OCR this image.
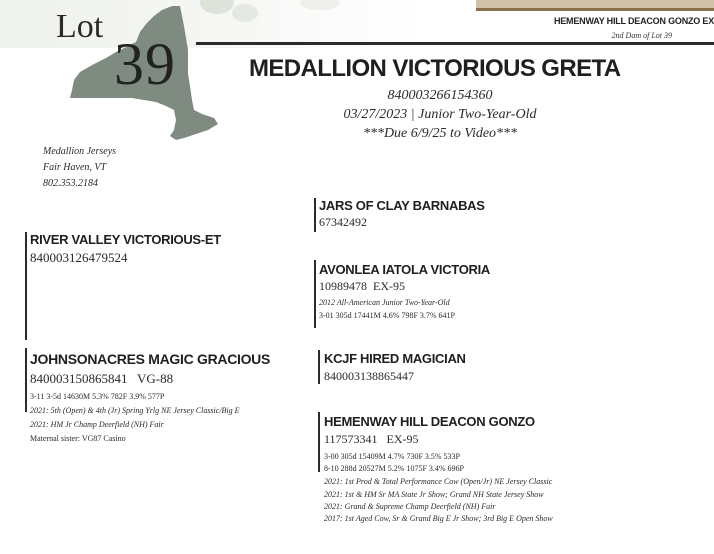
Lot
39
HEMENWAY HILL DEACON GONZO EX
2nd Dam of Lot 39
MEDALLION VICTORIOUS GRETA
840003266154360
03/27/2023 | Junior Two-Year-Old
***Due 6/9/25 to Video***
Medallion Jerseys
Fair Haven, VT
802.353.2184
JARS OF CLAY BARNABAS
67342492
RIVER VALLEY VICTORIOUS-ET
840003126479524
AVONLEA IATOLA VICTORIA
10989478  EX-95
2012 All-American Junior Two-Year-Old
3-01 305d 17441M 4.6% 798F 3.7% 641P
JOHNSONACRES MAGIC GRACIOUS
840003150865841   VG-88
3-11 3-5d 14630M 5.3% 782F 3.9% 577P
2021: 5th (Open) & 4th (Jr) Spring Yrlg NE Jersey Classic/Big E
2021: HM Jr Champ Deerfield (NH) Fair
Maternal sister: VG87 Casino
KCJF HIRED MAGICIAN
840003138865447
HEMENWAY HILL DEACON GONZO
117573341   EX-95
3-00 305d 15409M 4.7% 730F 3.5% 533P
8-10 288d 20527M 5.2% 1075F 3.4% 696P
2021: 1st Prod & Total Performance Cow (Open/Jr) NE Jersey Classic
2021: 1st & HM Sr MA State Jr Show; Grand NH State Jersey Show
2021: Grand & Supreme Champ Deerfield (NH) Fair
2017: 1st Aged Cow, Sr & Grand Big E Jr Show; 3rd Big E Open Show
